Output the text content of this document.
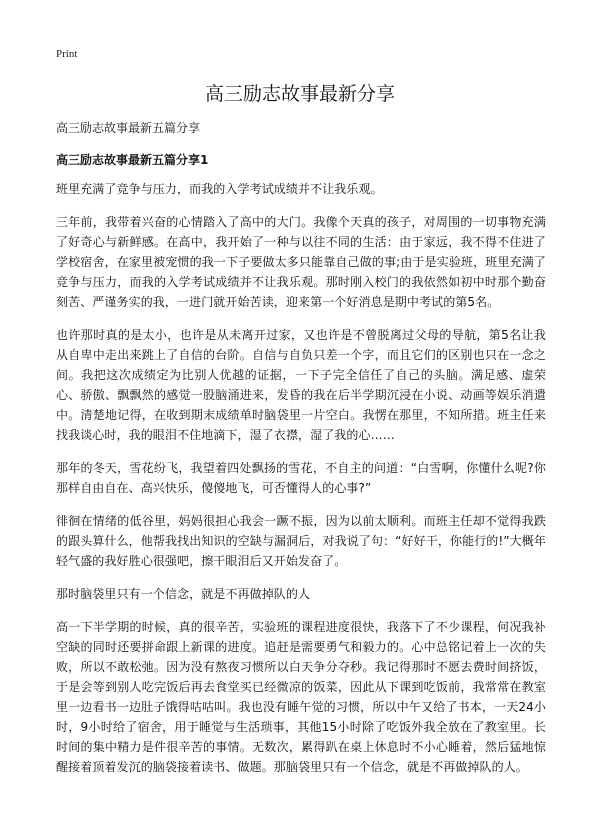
Print
高三励志故事最新分享

高三励志故事最新五篇分享

高三励志故事最新五篇分享1

班里充满了竞争与压力，而我的入学考试成绩并不让我乐观。

三年前，我带着兴奋的心情踏入了高中的大门。我像个天真的孩子，对周围的一切事物充满了好奇心与新鲜感。在高中，我开始了一种与以往不同的生活：由于家远，我不得不住进了学校宿舍，在家里被宠惯的我一下子要做太多只能靠自己做的事;由于是实验班，班里充满了竞争与压力，而我的入学考试成绩并不让我乐观。那时刚入校门的我依然如初中时那个勤奋刻苦、严谨务实的我，一进门就开始苦读，迎来第一个好消息是期中考试的第5名。

也许那时真的是太小，也许是从未离开过家，又也许是不曾脱离过父母的导航，第5名让我从自卑中走出来跳上了自信的台阶。自信与自负只差一个字，而且它们的区别也只在一念之间。我把这次成绩定为比别人优越的证据，一下子完全信任了自己的头脑。满足感、虚荣心、骄傲、飘飘然的感觉一股脑涌进来，发昏的我在后半学期沉浸在小说、动画等娱乐消遣中。清楚地记得，在收到期末成绩单时脑袋里一片空白。我愣在那里，不知所措。班主任来找我谈心时，我的眼泪不住地滴下，湿了衣襟，湿了我的心……

那年的冬天，雪花纷飞，我望着四处飘扬的雪花，不自主的问道：“白雪啊，你懂什么呢?你那样自由自在、高兴快乐，傻傻地飞，可否懂得人的心事?”

徘徊在情绪的低谷里，妈妈很担心我会一蹶不振，因为以前太顺利。而班主任却不觉得我跌的跟头算什么，他帮我找出知识的空缺与漏洞后，对我说了句：“好好干，你能行的!”大概年轻气盛的我好胜心很强吧，擦干眼泪后又开始发奋了。

那时脑袋里只有一个信念，就是不再做掉队的人

高一下半学期的时候，真的很辛苦，实验班的课程进度很快，我落下了不少课程，何况我补空缺的同时还要拼命跟上新课的进度。追赶是需要勇气和毅力的。心中总铭记着上一次的失败，所以不敢松弛。因为没有熬夜习惯所以白天争分夺秒。我记得那时不愿去费时间挤饭，于是会等到别人吃完饭后再去食堂买已经微凉的饭菜，因此从下课到吃饭前，我常常在教室里一边看书一边肚子饿得咕咕叫。我也没有睡午觉的习惯，所以中午又给了书本，一天24小时，9小时给了宿舍，用于睡觉与生活琐事，其他15小时除了吃饭外我全放在了教室里。长时间的集中精力是件很辛苦的事情。无数次，累得趴在桌上休息时不小心睡着，然后猛地惊醒接着顶着发沉的脑袋接着读书、做题。那脑袋里只有一个信念，就是不再做掉队的人。
